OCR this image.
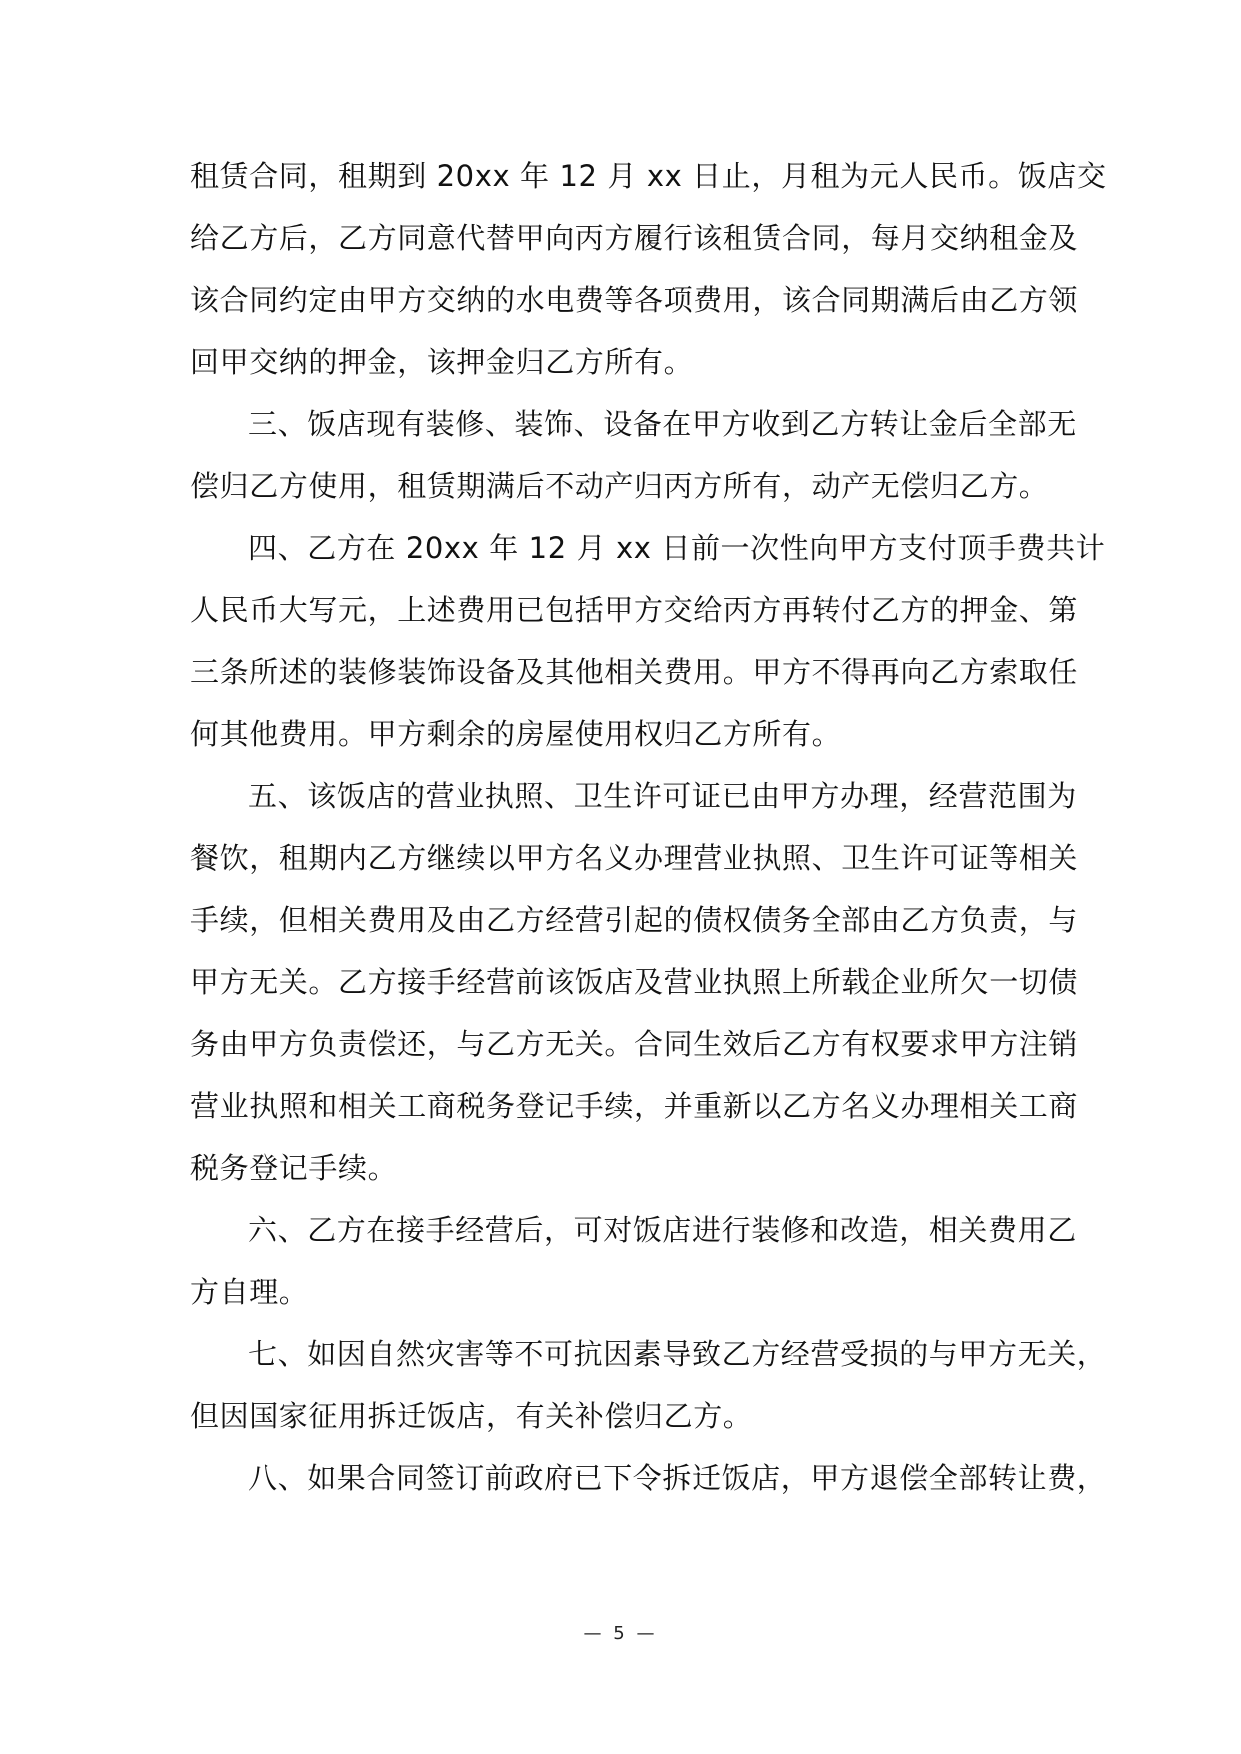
租赁合同，租期到 20xx 年 12 月 xx 日止，月租为元人民币。饭店交
给乙方后，乙方同意代替甲向丙方履行该租赁合同，每月交纳租金及
该合同约定由甲方交纳的水电费等各项费用，该合同期满后由乙方领
回甲交纳的押金，该押金归乙方所有。
三、饭店现有装修、装饰、设备在甲方收到乙方转让金后全部无
偿归乙方使用，租赁期满后不动产归丙方所有，动产无偿归乙方。
四、乙方在 20xx 年 12 月 xx 日前一次性向甲方支付顶手费共计
人民币大写元，上述费用已包括甲方交给丙方再转付乙方的押金、第
三条所述的装修装饰设备及其他相关费用。甲方不得再向乙方索取任
何其他费用。甲方剩余的房屋使用权归乙方所有。
五、该饭店的营业执照、卫生许可证已由甲方办理，经营范围为
餐饮，租期内乙方继续以甲方名义办理营业执照、卫生许可证等相关
手续，但相关费用及由乙方经营引起的债权债务全部由乙方负责，与
甲方无关。乙方接手经营前该饭店及营业执照上所载企业所欠一切债
务由甲方负责偿还，与乙方无关。合同生效后乙方有权要求甲方注销
营业执照和相关工商税务登记手续，并重新以乙方名义办理相关工商
税务登记手续。
六、乙方在接手经营后，可对饭店进行装修和改造，相关费用乙
方自理。
七、如因自然灾害等不可抗因素导致乙方经营受损的与甲方无关，
但因国家征用拆迁饭店，有关补偿归乙方。
八、如果合同签订前政府已下令拆迁饭店，甲方退偿全部转让费，
— 5 —
